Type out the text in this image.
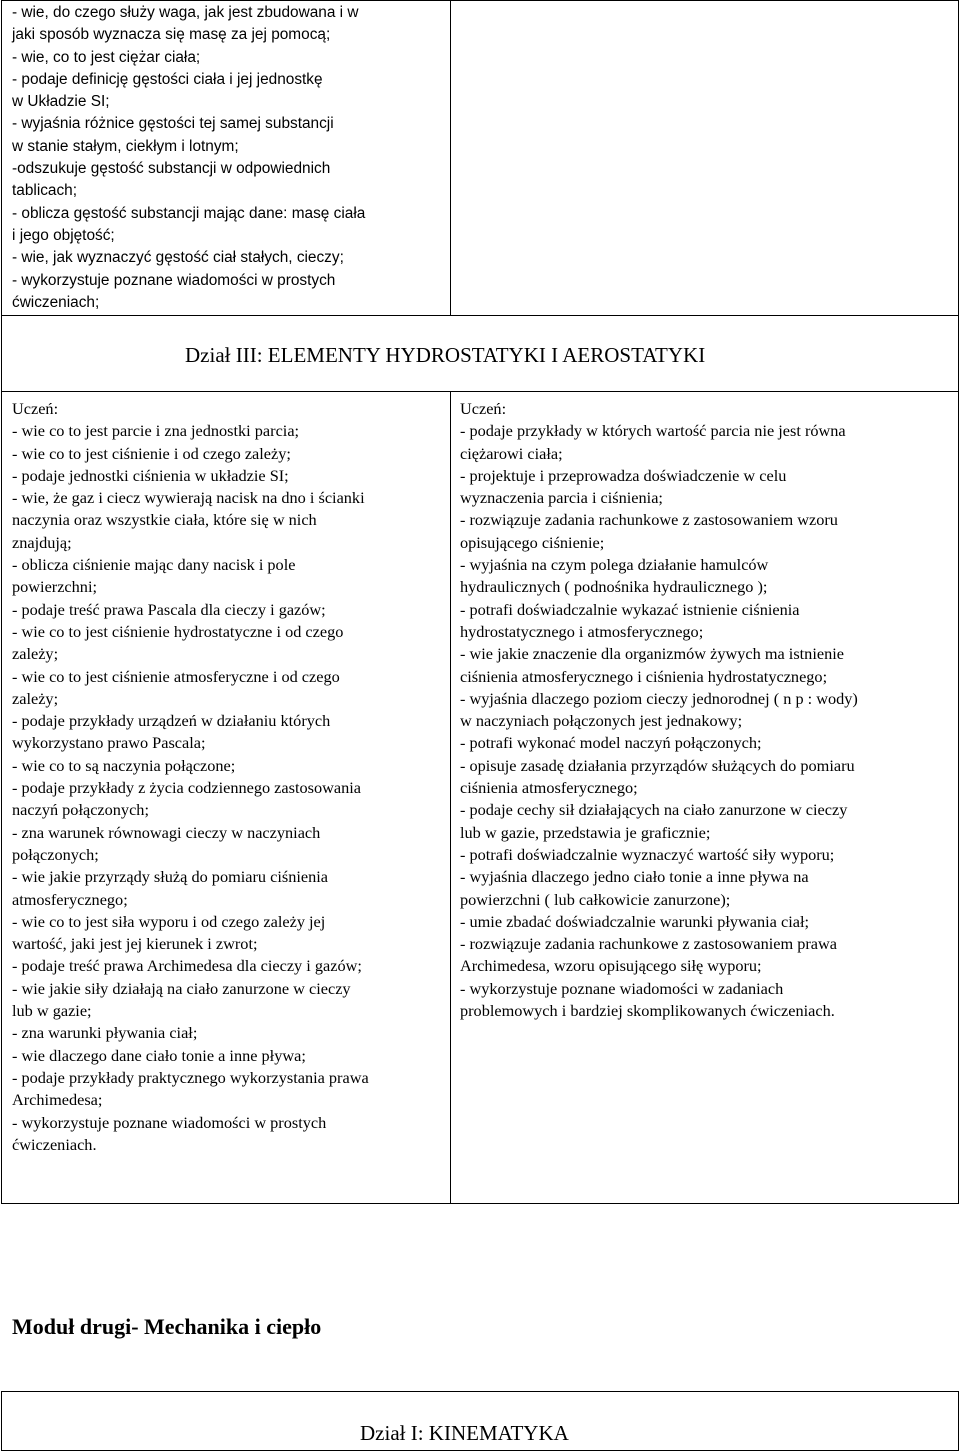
- wie, do czego służy waga, jak jest zbudowana i w
jaki sposób wyznacza się masę za jej pomocą;
- wie, co to jest ciężar ciała;
- podaje definicję gęstości ciała i jej jednostkę
w Układzie SI;
- wyjaśnia różnice gęstości tej samej substancji
w stanie stałym, ciekłym i lotnym;
-odszukuje gęstość substancji w odpowiednich
tablicach;
- oblicza gęstość substancji mając dane: masę ciała
i jego objętość;
- wie, jak wyznaczyć gęstość ciał stałych, cieczy;
- wykorzystuje poznane wiadomości w prostych
ćwiczeniach;
Dział III: ELEMENTY HYDROSTATYKI I AEROSTATYKI
Uczeń:
- wie co to jest parcie i zna jednostki parcia;
- wie co to jest ciśnienie i od czego zależy;
- podaje jednostki ciśnienia w układzie SI;
- wie, że gaz i ciecz wywierają nacisk na dno i ścianki
naczynia oraz wszystkie ciała, które się w nich
znajdują;
- oblicza ciśnienie mając dany nacisk i pole
powierzchni;
- podaje treść prawa Pascala dla cieczy i gazów;
- wie co to jest ciśnienie hydrostatyczne i od czego
zależy;
- wie co to jest ciśnienie atmosferyczne i od czego
zależy;
- podaje przykłady urządzeń w działaniu których
wykorzystano prawo Pascala;
- wie co to są naczynia połączone;
- podaje przykłady z życia codziennego zastosowania
naczyń połączonych;
- zna warunek równowagi cieczy w naczyniach
połączonych;
- wie jakie przyrządy służą do pomiaru ciśnienia
atmosferycznego;
- wie co to jest siła wyporu i od czego zależy jej
wartość, jaki jest jej kierunek i zwrot;
- podaje treść prawa Archimedesa dla cieczy i gazów;
- wie jakie siły działają na ciało zanurzone w cieczy
lub w gazie;
- zna warunki pływania ciał;
- wie dlaczego dane ciało tonie a inne pływa;
- podaje przykłady praktycznego wykorzystania prawa
Archimedesa;
- wykorzystuje poznane wiadomości w prostych
ćwiczeniach.
Uczeń:
- podaje przykłady w których wartość parcia nie jest równa
ciężarowi ciała;
- projektuje i przeprowadza doświadczenie w celu
wyznaczenia parcia i ciśnienia;
- rozwiązuje zadania rachunkowe z zastosowaniem wzoru
opisującego ciśnienie;
- wyjaśnia na czym polega działanie hamulców
hydraulicznych ( podnośnika hydraulicznego );
- potrafi doświadczalnie wykazać istnienie ciśnienia
hydrostatycznego i atmosferycznego;
- wie jakie znaczenie dla organizmów żywych ma istnienie
ciśnienia atmosferycznego i ciśnienia hydrostatycznego;
- wyjaśnia dlaczego poziom cieczy jednorodnej ( n p : wody)
w naczyniach połączonych jest jednakowy;
- potrafi wykonać model naczyń połączonych;
- opisuje zasadę działania przyrządów służących do pomiaru
ciśnienia atmosferycznego;
- podaje cechy sił działających na ciało zanurzone w cieczy
lub w gazie, przedstawia je graficznie;
- potrafi doświadczalnie wyznaczyć wartość siły wyporu;
- wyjaśnia dlaczego jedno ciało tonie a inne pływa na
powierzchni ( lub całkowicie zanurzone);
- umie zbadać doświadczalnie warunki pływania ciał;
- rozwiązuje zadania rachunkowe z zastosowaniem prawa
Archimedesa, wzoru opisującego siłę wyporu;
- wykorzystuje poznane wiadomości w zadaniach
problemowych i bardziej skomplikowanych ćwiczeniach.
Moduł drugi- Mechanika i ciepło
Dział I: KINEMATYKA
